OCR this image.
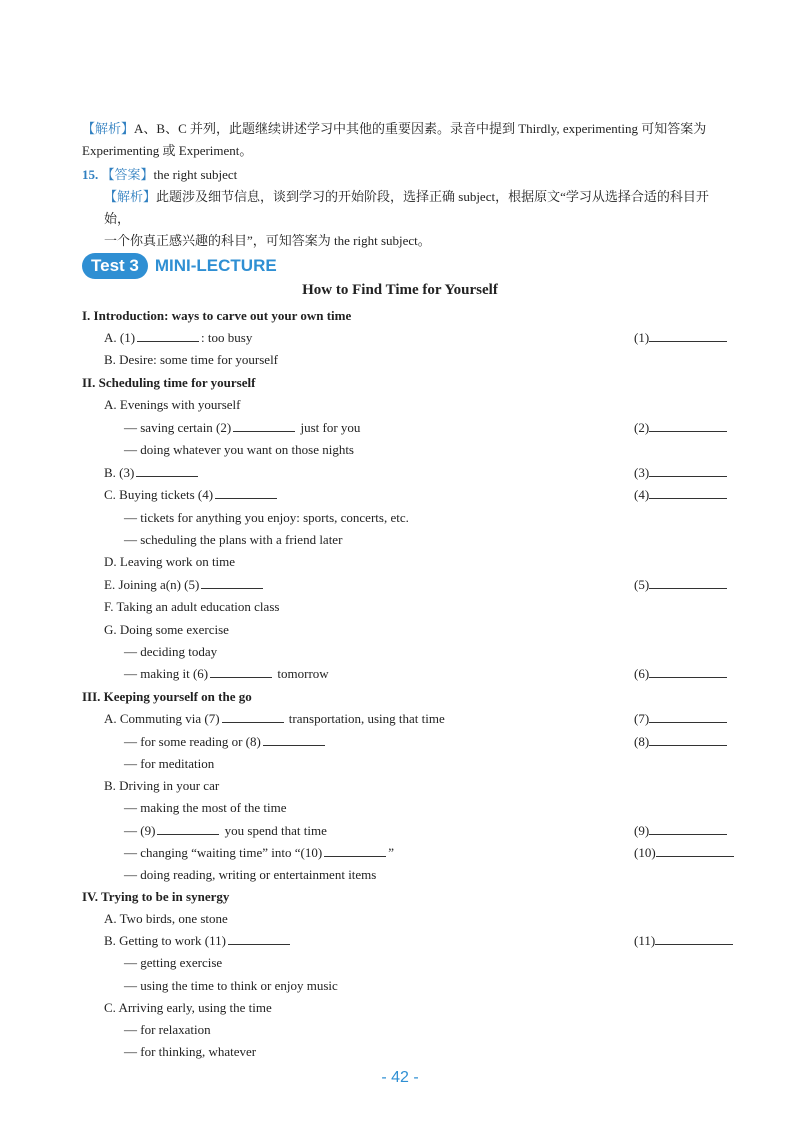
【解析】A、B、C 并列，此题继续讲述学习中其他的重要因素。录音中提到 Thirdly, experimenting 可知答案为
Experimenting 或 Experiment。
15. 【答案】the right subject
【解析】此题涉及细节信息，谈到学习的开始阶段，选择正确 subject，根据原文“学习从选择合适的科目开始，
一个你真正感兴趣的科目”，可知答案为 the right subject。
Test 3 MINI-LECTURE
How to Find Time for Yourself
I. Introduction: ways to carve out your own time
A. (1)	: too busy
B. Desire: some time for yourself
II. Scheduling time for yourself
A. Evenings with yourself
— saving certain (2)	just for you
— doing whatever you want on those nights
B. (3)
C. Buying tickets (4)
— tickets for anything you enjoy: sports, concerts, etc.
— scheduling the plans with a friend later
D. Leaving work on time
E. Joining a(n) (5)
F. Taking an adult education class
G. Doing some exercise
— deciding today
— making it (6)	tomorrow
III. Keeping yourself on the go
A. Commuting via (7)	transportation, using that time
— for some reading or (8)
— for meditation
B. Driving in your car
— making the most of the time
— (9)	you spend that time
— changing “waiting time” into “(10)	”
— doing reading, writing or entertainment items
IV. Trying to be in synergy
A. Two birds, one stone
B. Getting to work (11)
— getting exercise
— using the time to think or enjoy music
C. Arriving early, using the time
— for relaxation
— for thinking, whatever
(1)
(2)
(3)
(4)
(5)
(6)
(7)
(8)
(9)
(10)
(11)
- 42 -
